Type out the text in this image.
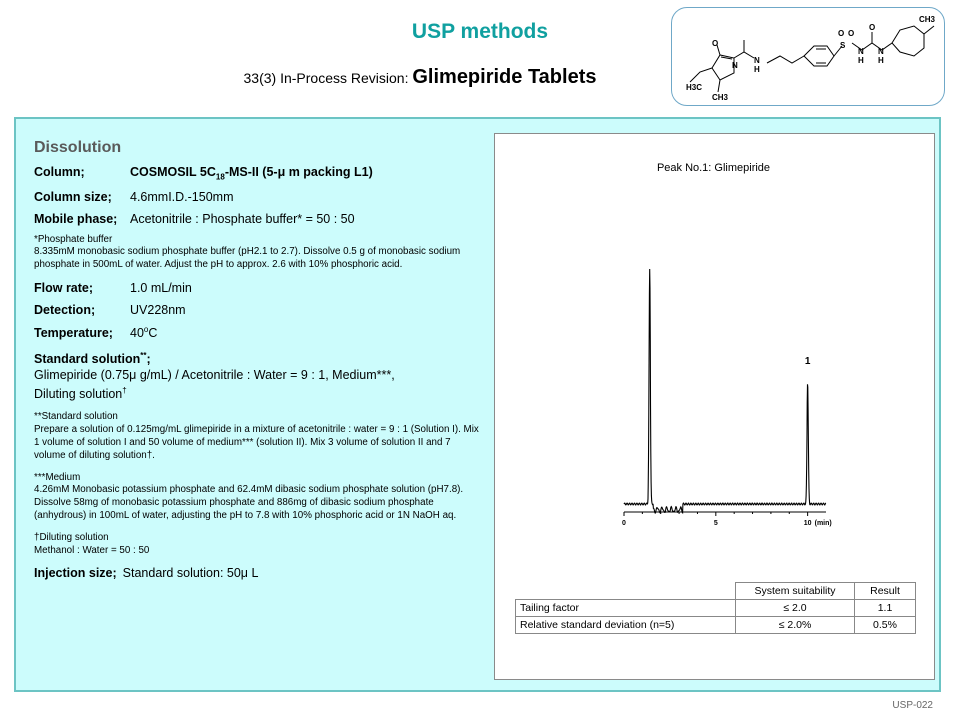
USP methods
33(3) In-Process Revision: Glimepiride Tablets
O
N
H
N
S
O O
N
H
N
H
O
CH3
H3C
CH3
Dissolution
Column;	COSMOSIL $5C_{18}-MS-II$ (5-μ m packing L1)
Column size; 4.6mmI.D.-150mm
Mobile phase; Acetonitrile : Phosphate buffer* = 50 : 50
*Phosphate buffer
8.335mM monobasic sodium phosphate buffer (pH2.1 to 2.7). Dissolve 0.5 g of monobasic sodium phosphate in 500mL of water. Adjust the pH to approx. 2.6 with 10% phosphoric acid.
Flow rate;	1.0 mL/min
Detection;	UV228nm
Temperature; 40$^o$C
Standard solution**;
Glimepiride (0.75μ g/mL) / Acetonitrile : Water = 9 : 1, Medium***,
Diluting solution†
**Standard solution
Prepare a solution of 0.125mg/mL glimepiride in a mixture of acetonitrile : water = 9 : 1 (Solution I). Mix 1 volume of solution I and 50 volume of medium*** (solution II). Mix 3 volume of solution II and 7 volume of diluting solution†.
***Medium
4.26mM Monobasic potassium phosphate and 62.4mM dibasic sodium phosphate solution (pH7.8). Dissolve 58mg of monobasic potassium phosphate and 886mg of dibasic sodium phosphate (anhydrous) in 100mL of water, adjusting the pH to 7.8 with 10% phosphoric acid or 1N NaOH aq.
†Diluting solution
Methanol : Water = 50 : 50
Injection size; Standard solution: 50μ L
Peak No.1: Glimepiride
0	5	10
1
(min)
	System suitability	Result
Tailing factor	≤ 2.0	1.1
Relative standard deviation (n=5)	≤ 2.0%	0.5%
USP-022
